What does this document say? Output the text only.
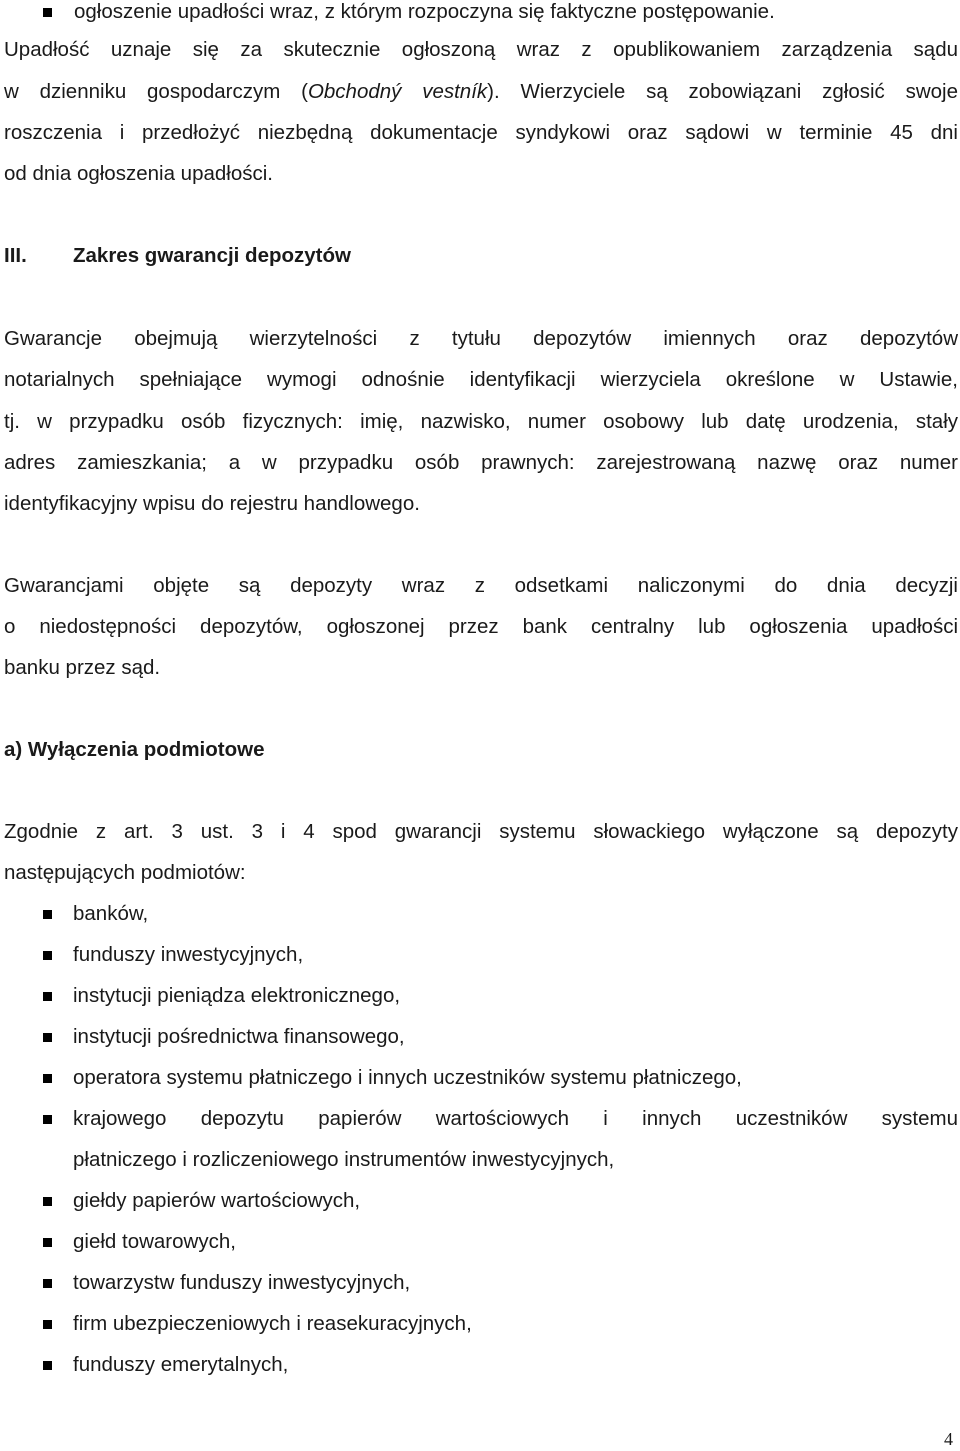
ogłoszenie upadłości wraz, z którym rozpoczyna się faktyczne postępowanie.
Upadłość uznaje się za skutecznie ogłoszoną wraz z opublikowaniem zarządzenia sądu
w dzienniku gospodarczym (Obchodný vestník). Wierzyciele są zobowiązani zgłosić swoje
roszczenia i przedłożyć niezbędną dokumentacje syndykowi oraz sądowi w terminie 45 dni
od dnia ogłoszenia upadłości.
III. Zakres gwarancji depozytów
Gwarancje obejmują wierzytelności z tytułu depozytów imiennych oraz depozytów
notarialnych spełniające wymogi odnośnie identyfikacji wierzyciela określone w Ustawie,
tj. w przypadku osób fizycznych: imię, nazwisko, numer osobowy lub datę urodzenia, stały
adres zamieszkania; a w przypadku osób prawnych: zarejestrowaną nazwę oraz numer
identyfikacyjny wpisu do rejestru handlowego.
Gwarancjami objęte są depozyty wraz z odsetkami naliczonymi do dnia decyzji
o niedostępności depozytów, ogłoszonej przez bank centralny lub ogłoszenia upadłości
banku przez sąd.
a) Wyłączenia podmiotowe
Zgodnie z art. 3 ust. 3 i 4 spod gwarancji systemu słowackiego wyłączone są depozyty
następujących podmiotów:
banków,
funduszy inwestycyjnych,
instytucji pieniądza elektronicznego,
instytucji pośrednictwa finansowego,
operatora systemu płatniczego i innych uczestników systemu płatniczego,
krajowego depozytu papierów wartościowych i innych uczestników systemu
płatniczego i rozliczeniowego instrumentów inwestycyjnych,
giełdy papierów wartościowych,
giełd towarowych,
towarzystw funduszy inwestycyjnych,
firm ubezpieczeniowych i reasekuracyjnych,
funduszy emerytalnych,
4
